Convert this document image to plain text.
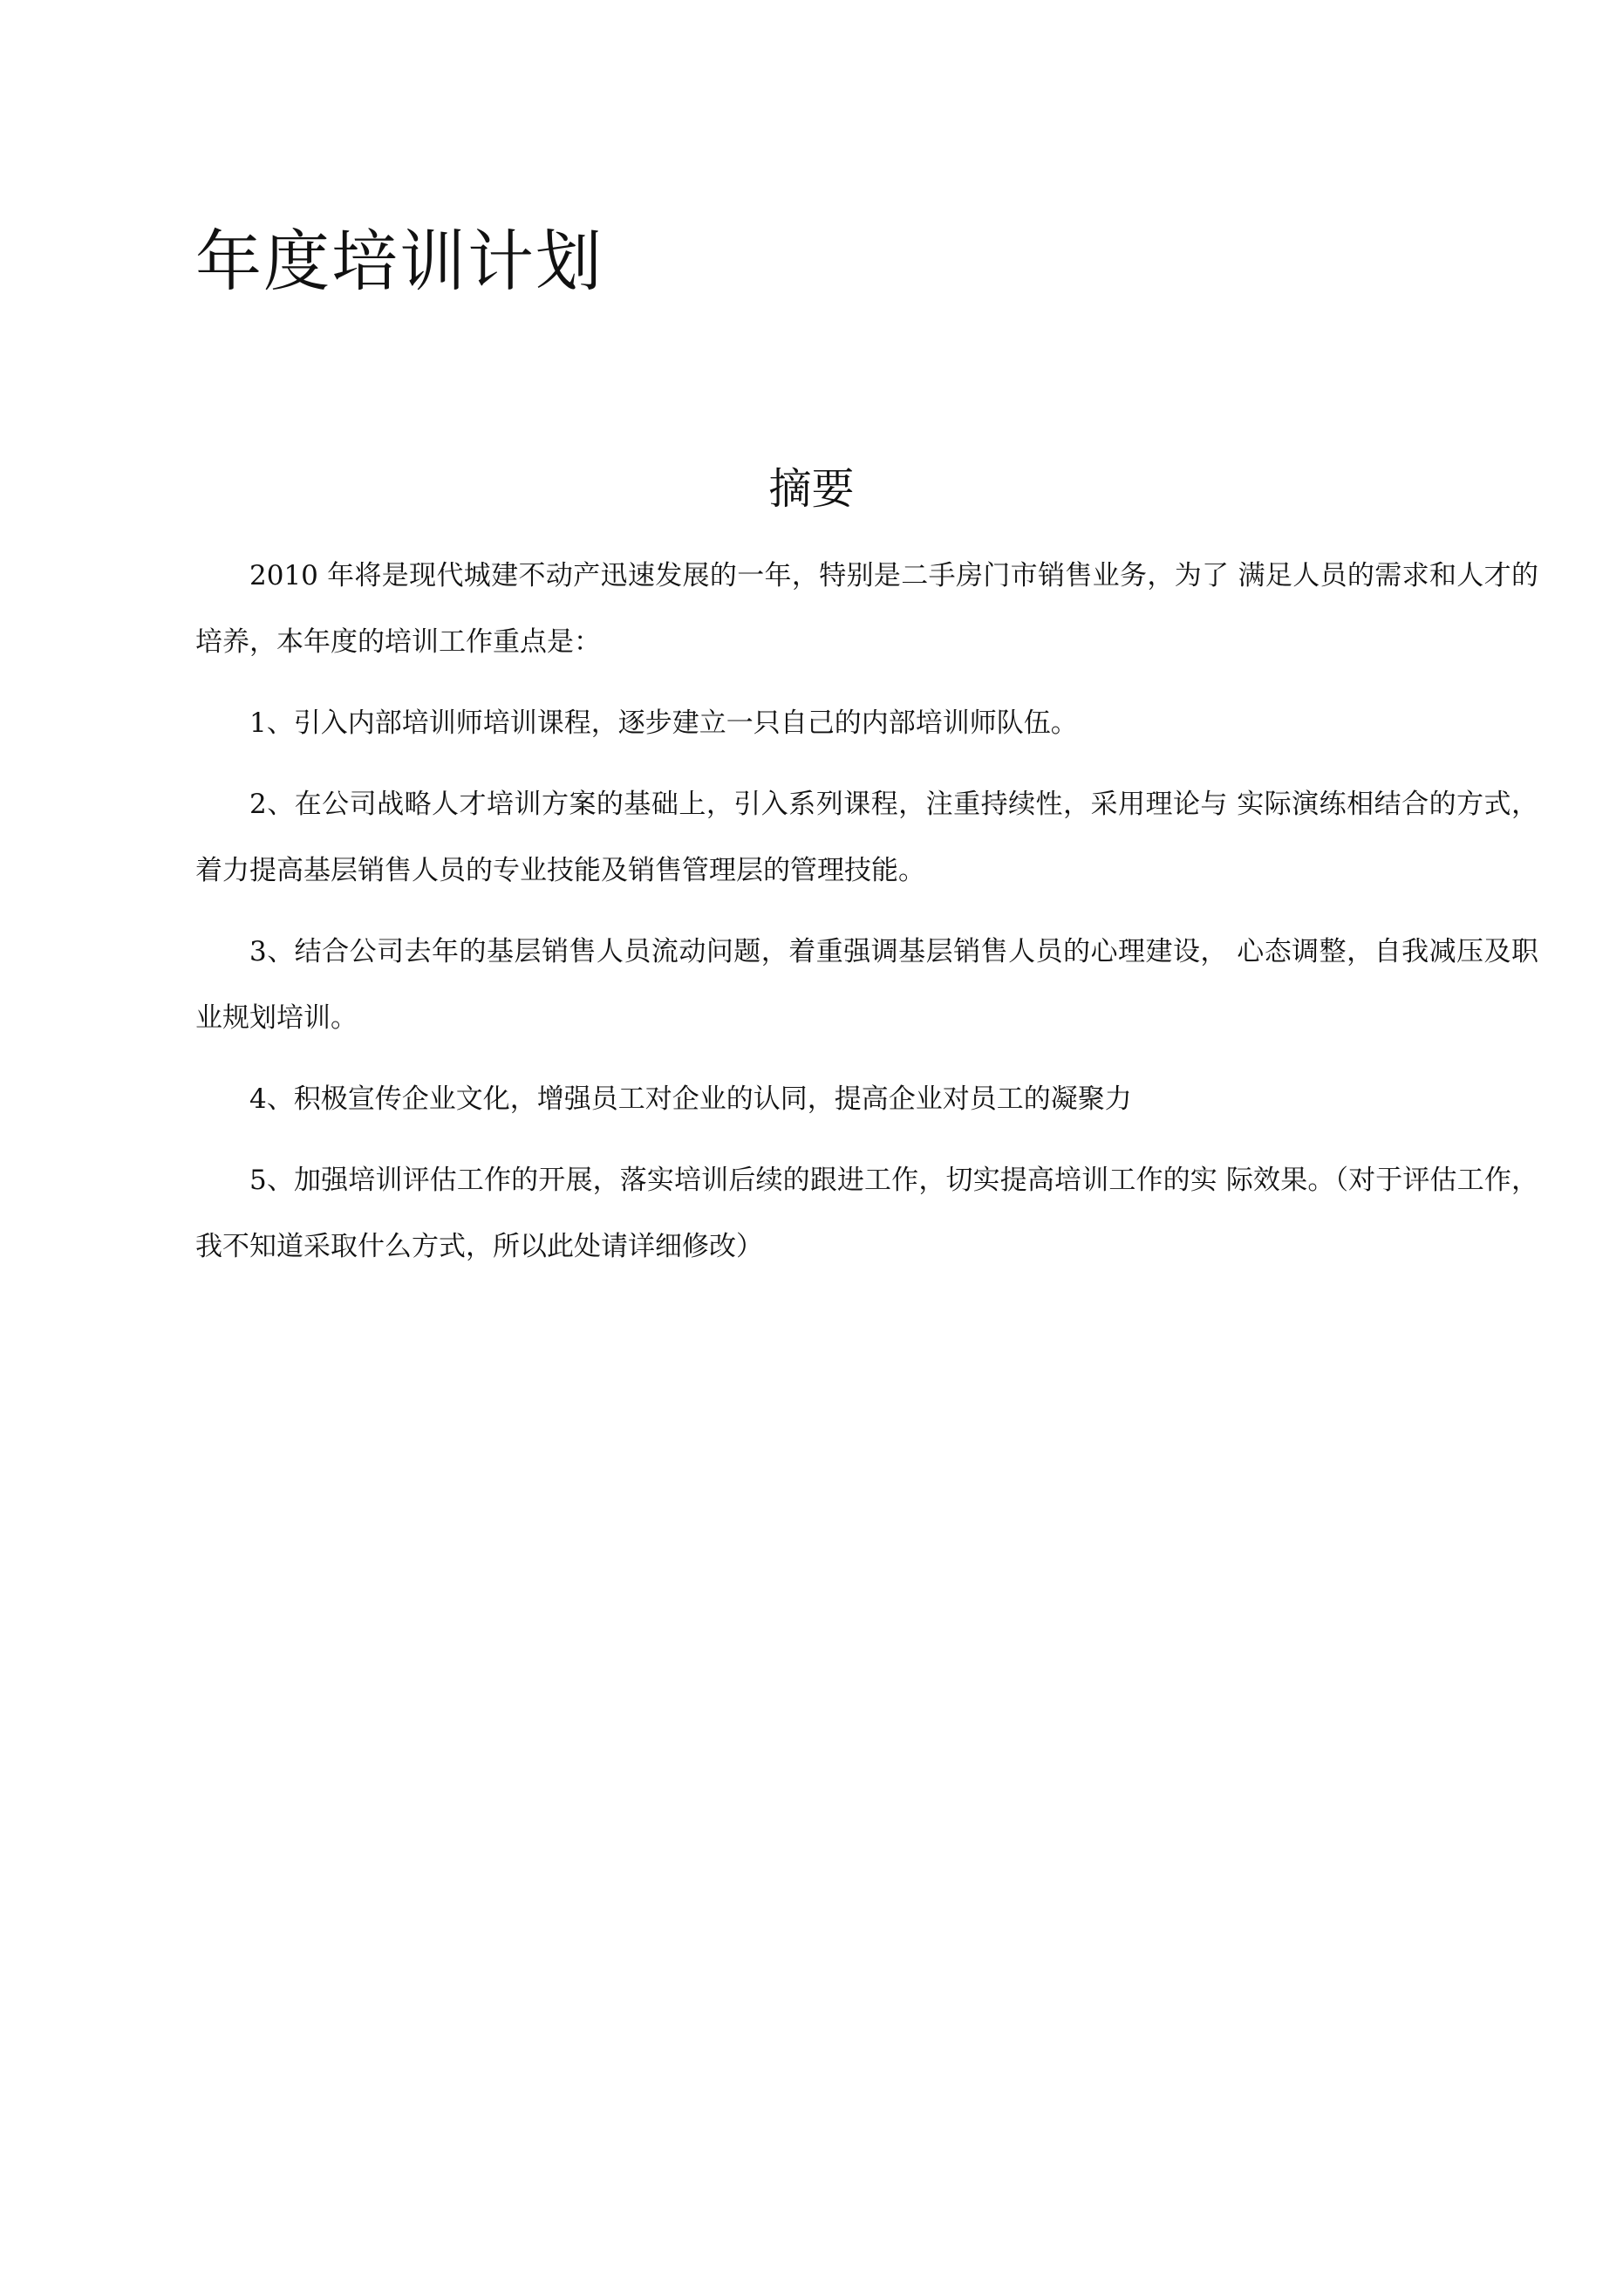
年度培训计划
摘要

2010 年将是现代城建不动产迅速发展的一年，特别是二手房门市销售业务，为了 满足人员的需求和人才的培养，本年度的培训工作重点是：

1、引入内部培训师培训课程，逐步建立一只自己的内部培训师队伍。

2、在公司战略人才培训方案的基础上，引入系列课程，注重持续性，采用理论与 实际演练相结合的方式，着力提高基层销售人员的专业技能及销售管理层的管理技能。

3、结合公司去年的基层销售人员流动问题，着重强调基层销售人员的心理建设， 心态调整，自我减压及职业规划培训。

4、积极宣传企业文化，增强员工对企业的认同，提高企业对员工的凝聚力

5、加强培训评估工作的开展，落实培训后续的跟进工作，切实提高培训工作的实 际效果。（对于评估工作，我不知道采取什么方式，所以此处请详细修改）
